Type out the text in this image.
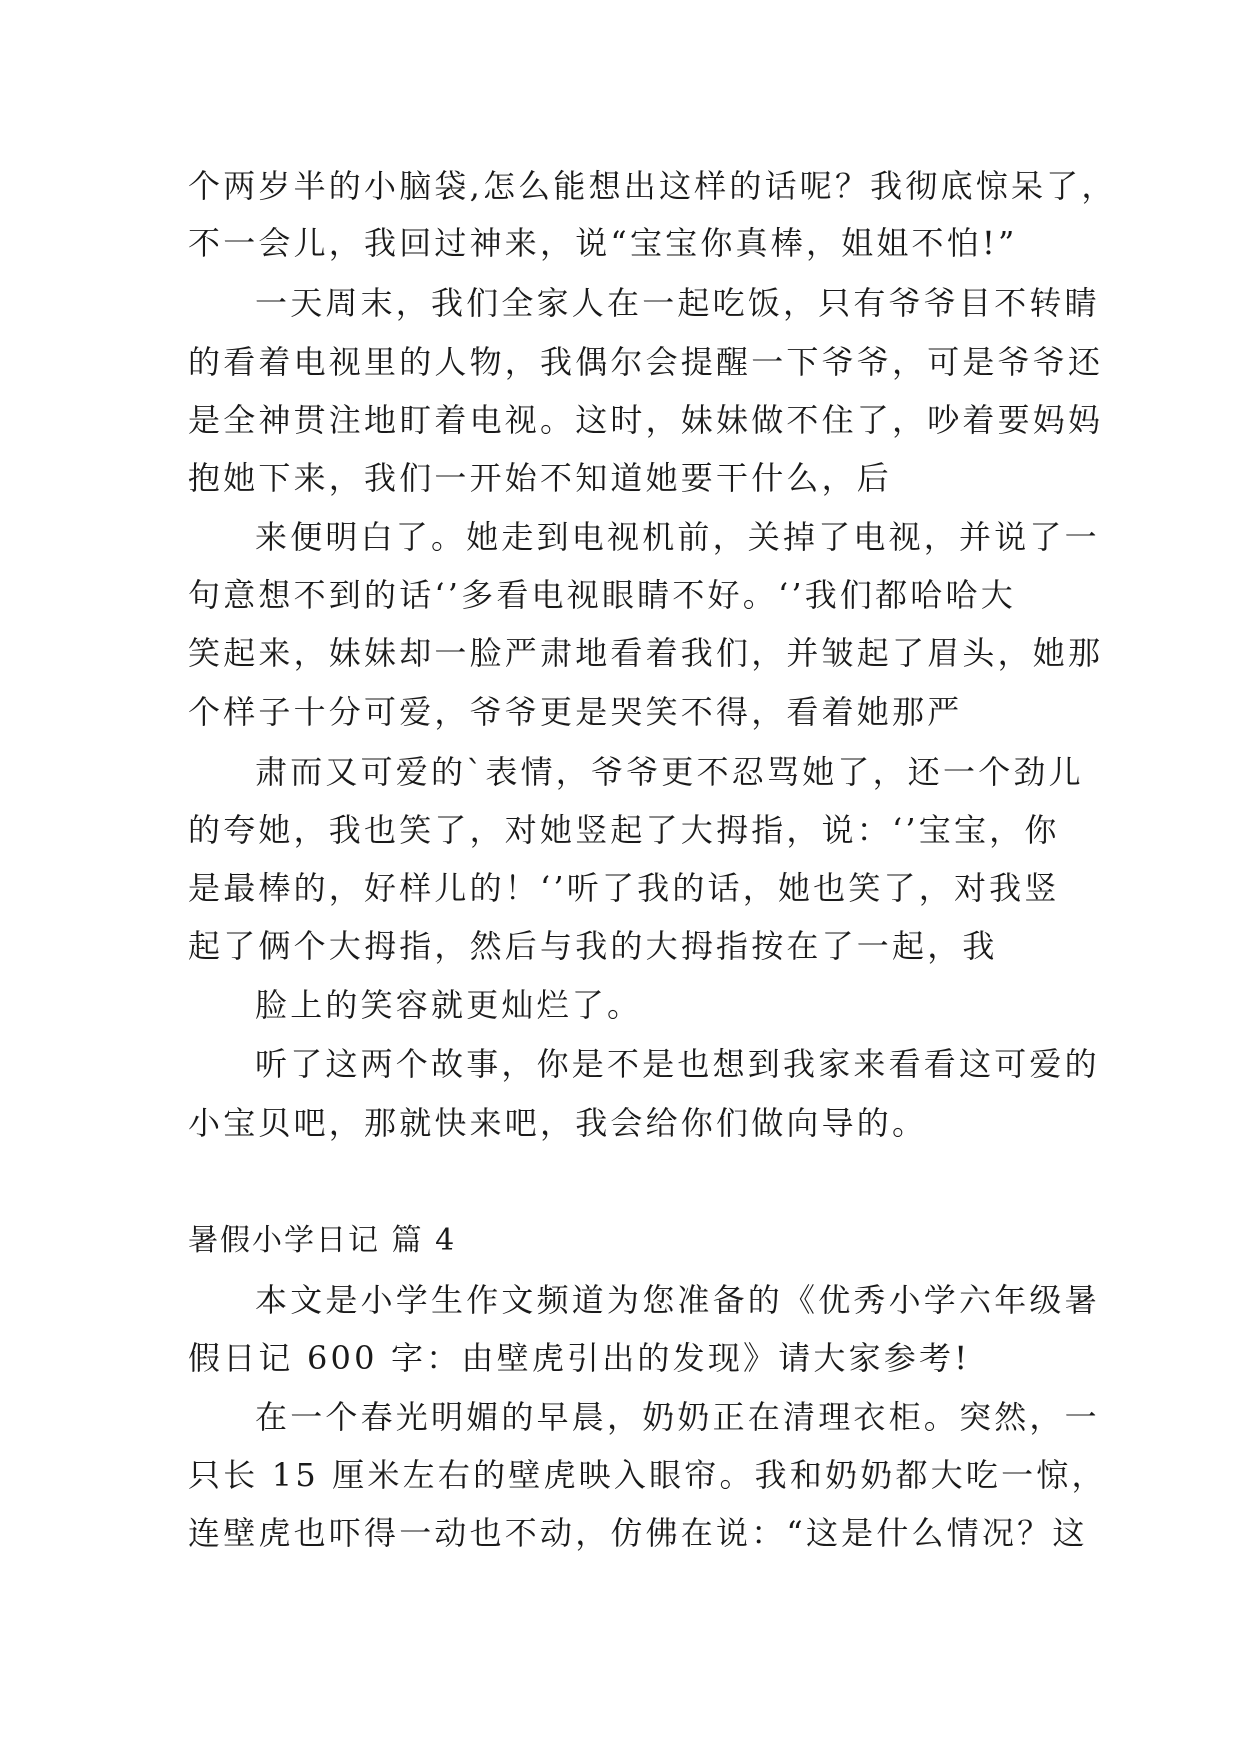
个两岁半的小脑袋,怎么能想出这样的话呢？我彻底惊呆了，
不一会儿，我回过神来，说“宝宝你真棒，姐姐不怕!”
一天周末，我们全家人在一起吃饭，只有爷爷目不转睛
的看着电视里的人物，我偶尔会提醒一下爷爷，可是爷爷还
是全神贯注地盯着电视。这时，妹妹做不住了，吵着要妈妈
抱她下来，我们一开始不知道她要干什么，后
来便明白了。她走到电视机前，关掉了电视，并说了一
句意想不到的话‘’多看电视眼睛不好。‘’我们都哈哈大
笑起来，妹妹却一脸严肃地看着我们，并皱起了眉头，她那
个样子十分可爱，爷爷更是哭笑不得，看着她那严
肃而又可爱的`表情，爷爷更不忍骂她了，还一个劲儿
的夸她，我也笑了，对她竖起了大拇指，说：‘’宝宝，你
是最棒的，好样儿的！‘’听了我的话，她也笑了，对我竖
起了俩个大拇指，然后与我的大拇指按在了一起，我
脸上的笑容就更灿烂了。
听了这两个故事，你是不是也想到我家来看看这可爱的
小宝贝吧，那就快来吧，我会给你们做向导的。
暑假小学日记 篇 4
本文是小学生作文频道为您准备的《优秀小学六年级暑
假日记 600 字：由壁虎引出的发现》请大家参考!
在一个春光明媚的早晨，奶奶正在清理衣柜。突然，一
只长 15 厘米左右的壁虎映入眼帘。我和奶奶都大吃一惊，
连壁虎也吓得一动也不动，仿佛在说：“这是什么情况？这
